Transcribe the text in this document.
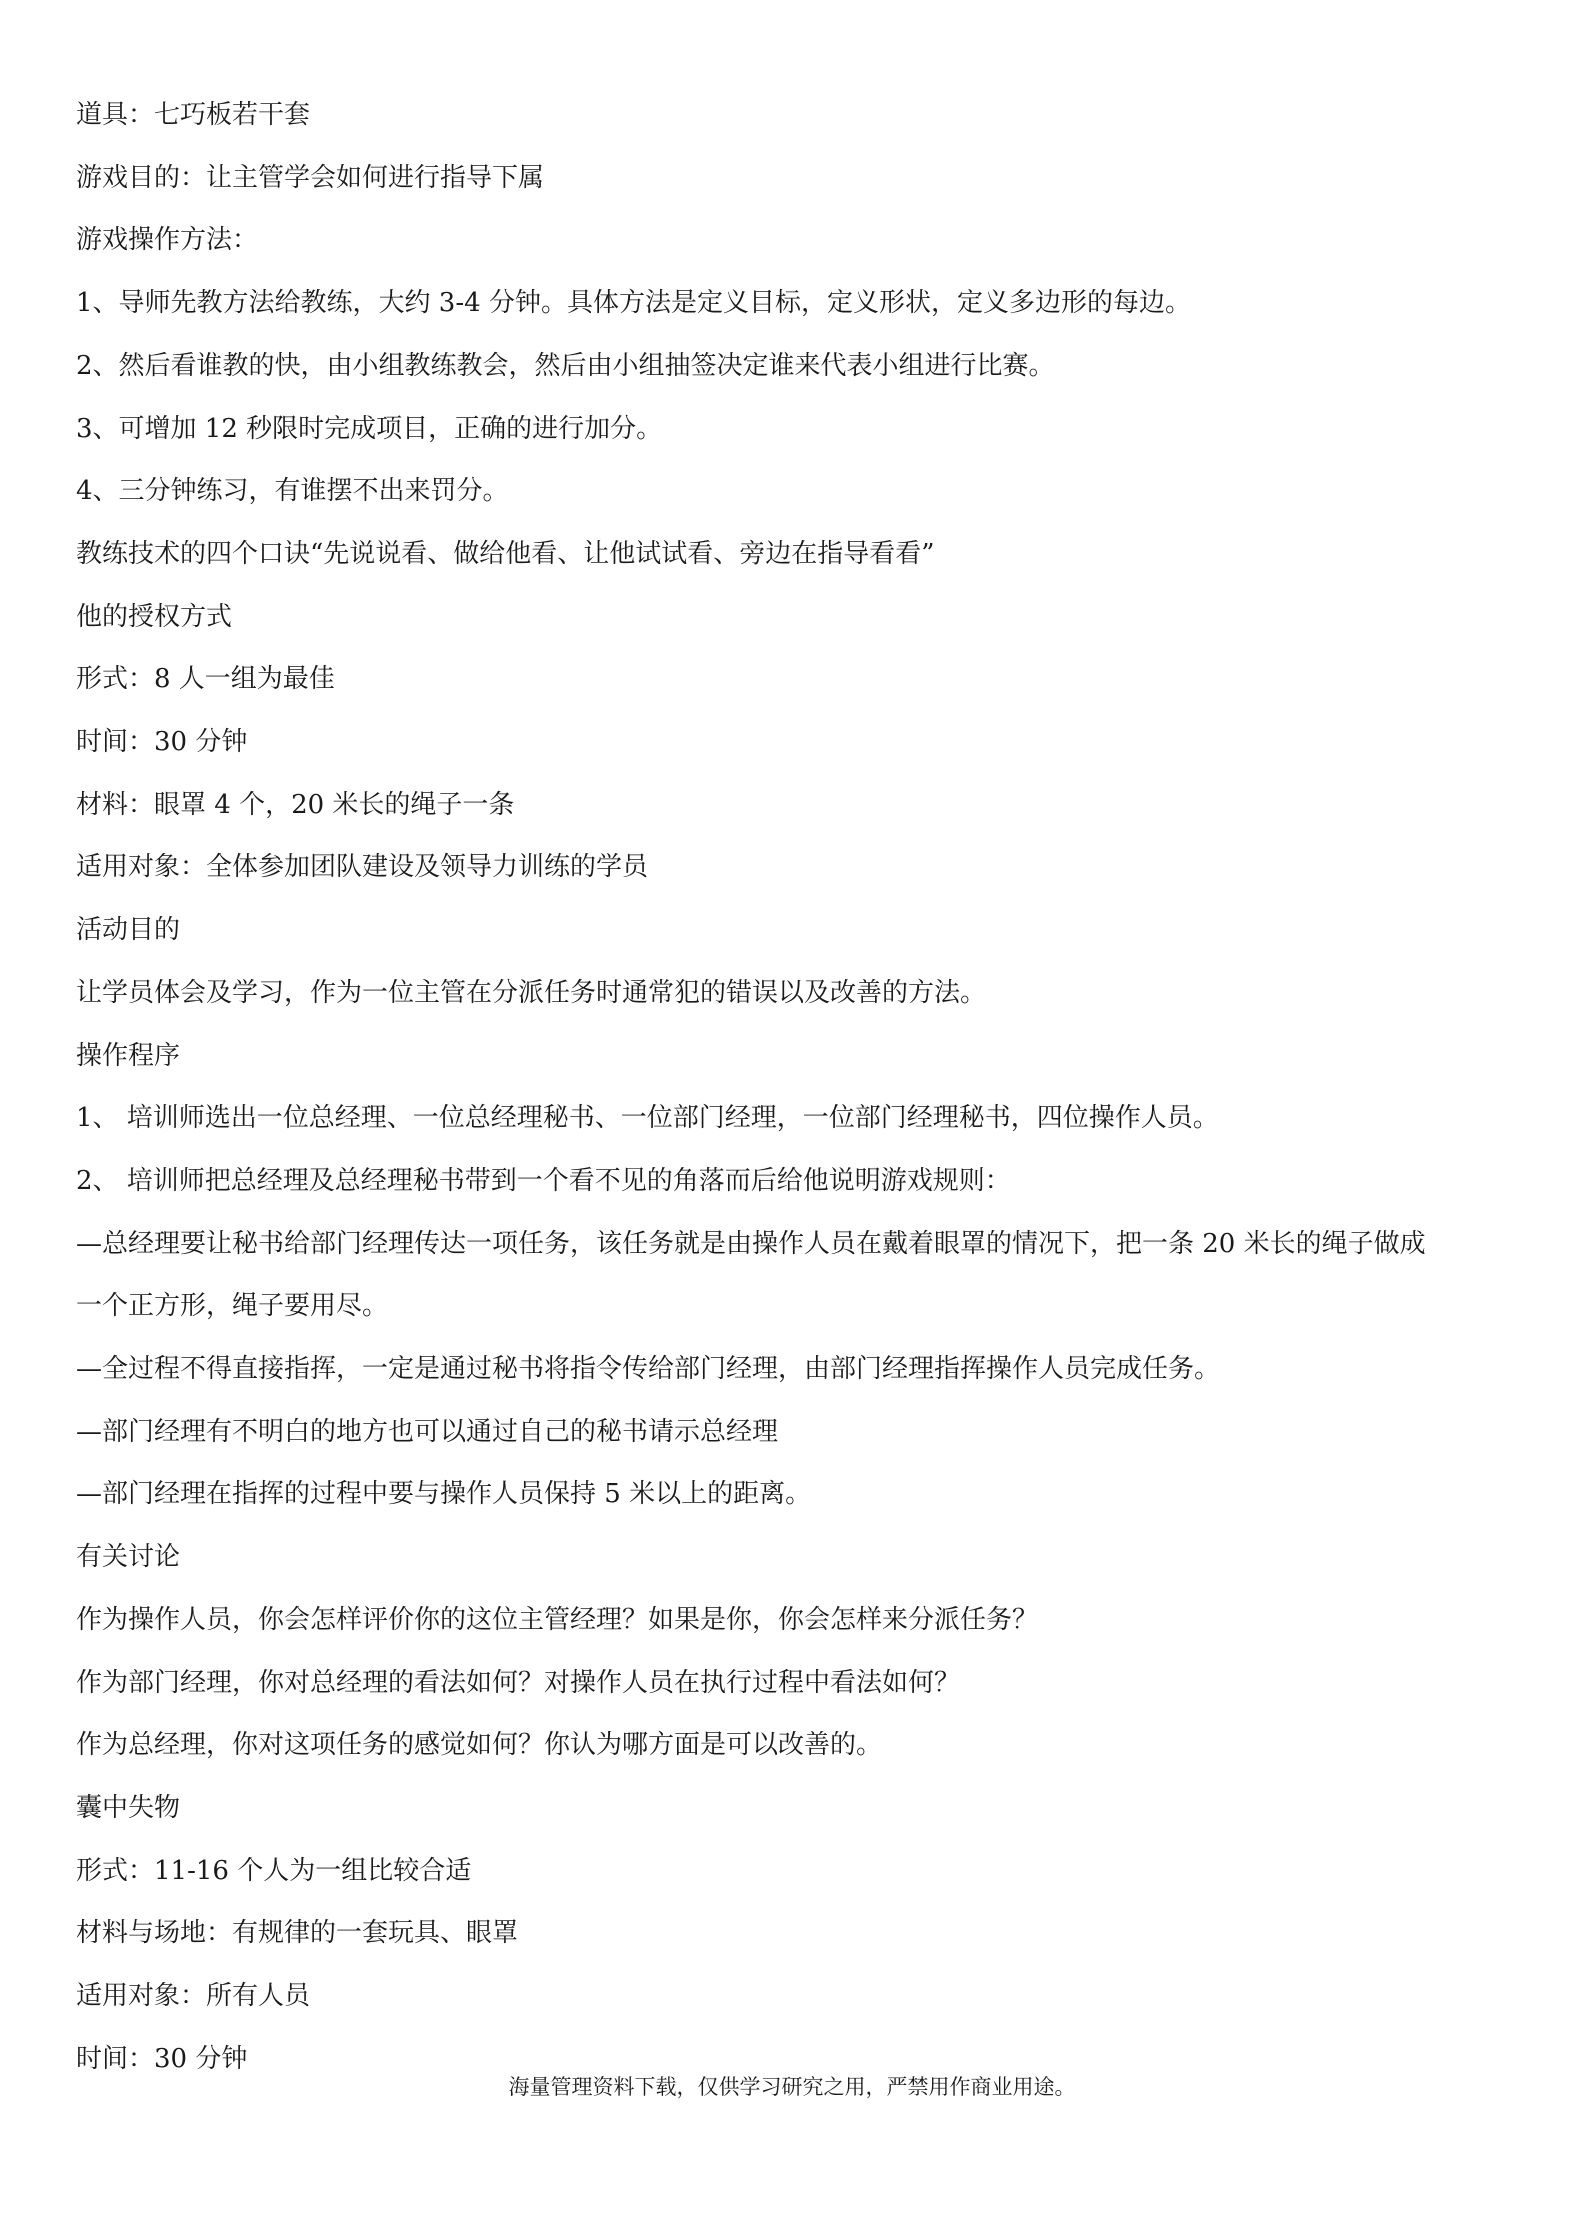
道具：七巧板若干套

游戏目的：让主管学会如何进行指导下属

游戏操作方法：

1、导师先教方法给教练，大约 3-4 分钟。具体方法是定义目标，定义形状，定义多边形的每边。

2、然后看谁教的快，由小组教练教会，然后由小组抽签决定谁来代表小组进行比赛。

3、可增加 12 秒限时完成项目，正确的进行加分。

4、三分钟练习，有谁摆不出来罚分。

教练技术的四个口诀“先说说看、做给他看、让他试试看、旁边在指导看看”

他的授权方式

形式：8 人一组为最佳

时间：30 分钟

材料：眼罩 4 个，20 米长的绳子一条

适用对象：全体参加团队建设及领导力训练的学员

活动目的

让学员体会及学习，作为一位主管在分派任务时通常犯的错误以及改善的方法。

操作程序

1、 培训师选出一位总经理、一位总经理秘书、一位部门经理，一位部门经理秘书，四位操作人员。

2、 培训师把总经理及总经理秘书带到一个看不见的角落而后给他说明游戏规则：

—总经理要让秘书给部门经理传达一项任务，该任务就是由操作人员在戴着眼罩的情况下，把一条 20 米长的绳子做成

一个正方形，绳子要用尽。

—全过程不得直接指挥，一定是通过秘书将指令传给部门经理，由部门经理指挥操作人员完成任务。

—部门经理有不明白的地方也可以通过自己的秘书请示总经理

—部门经理在指挥的过程中要与操作人员保持 5 米以上的距离。

有关讨论

作为操作人员，你会怎样评价你的这位主管经理？如果是你，你会怎样来分派任务？

作为部门经理，你对总经理的看法如何？对操作人员在执行过程中看法如何？

作为总经理，你对这项任务的感觉如何？你认为哪方面是可以改善的。

囊中失物

形式：11-16 个人为一组比较合适

材料与场地：有规律的一套玩具、眼罩

适用对象：所有人员

时间：30 分钟

海量管理资料下载，仅供学习研究之用，严禁用作商业用途。
